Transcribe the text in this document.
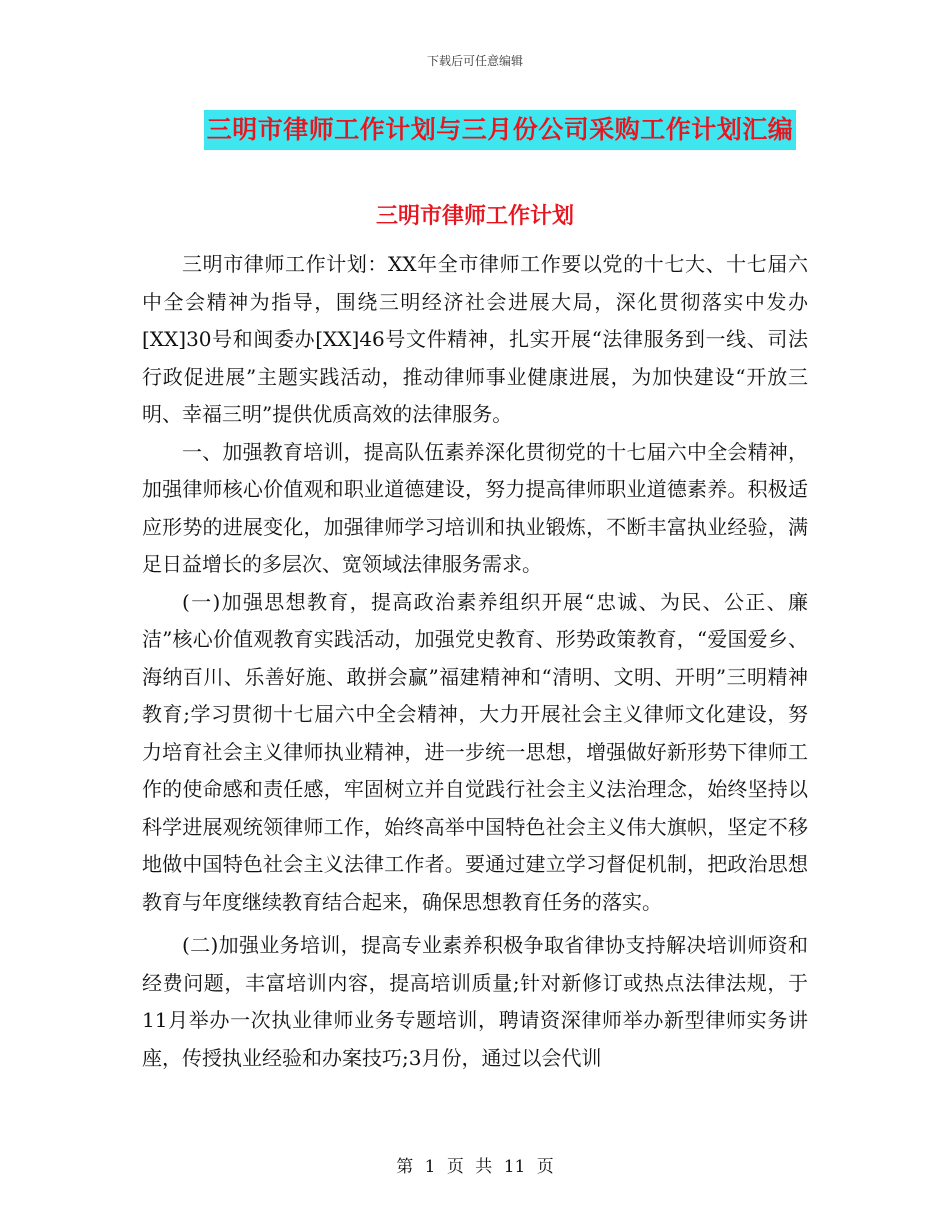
下载后可任意编辑
三明市律师工作计划与三月份公司采购工作计划汇编
三明市律师工作计划

三明市律师工作计划：XX年全市律师工作要以党的十七大、十七届六中全会精神为指导，围绕三明经济社会进展大局，深化贯彻落实中发办[XX]30号和闽委办[XX]46号文件精神，扎实开展“法律服务到一线、司法行政促进展”主题实践活动，推动律师事业健康进展，为加快建设“开放三明、幸福三明”提供优质高效的法律服务。

一、加强教育培训，提高队伍素养深化贯彻党的十七届六中全会精神，加强律师核心价值观和职业道德建设，努力提高律师职业道德素养。积极适应形势的进展变化，加强律师学习培训和执业锻炼，不断丰富执业经验，满足日益增长的多层次、宽领域法律服务需求。

(一)加强思想教育，提高政治素养组织开展“忠诚、为民、公正、廉洁”核心价值观教育实践活动，加强党史教育、形势政策教育，“爱国爱乡、海纳百川、乐善好施、敢拼会赢”福建精神和“清明、文明、开明”三明精神教育;学习贯彻十七届六中全会精神，大力开展社会主义律师文化建设，努力培育社会主义律师执业精神，进一步统一思想，增强做好新形势下律师工作的使命感和责任感，牢固树立并自觉践行社会主义法治理念，始终坚持以科学进展观统领律师工作，始终高举中国特色社会主义伟大旗帜，坚定不移地做中国特色社会主义法律工作者。要通过建立学习督促机制，把政治思想教育与年度继续教育结合起来，确保思想教育任务的落实。

(二)加强业务培训，提高专业素养积极争取省律协支持解决培训师资和经费问题，丰富培训内容，提高培训质量;针对新修订或热点法律法规，于11月举办一次执业律师业务专题培训，聘请资深律师举办新型律师实务讲座，传授执业经验和办案技巧;3月份，通过以会代训

第 1 页 共 11 页
